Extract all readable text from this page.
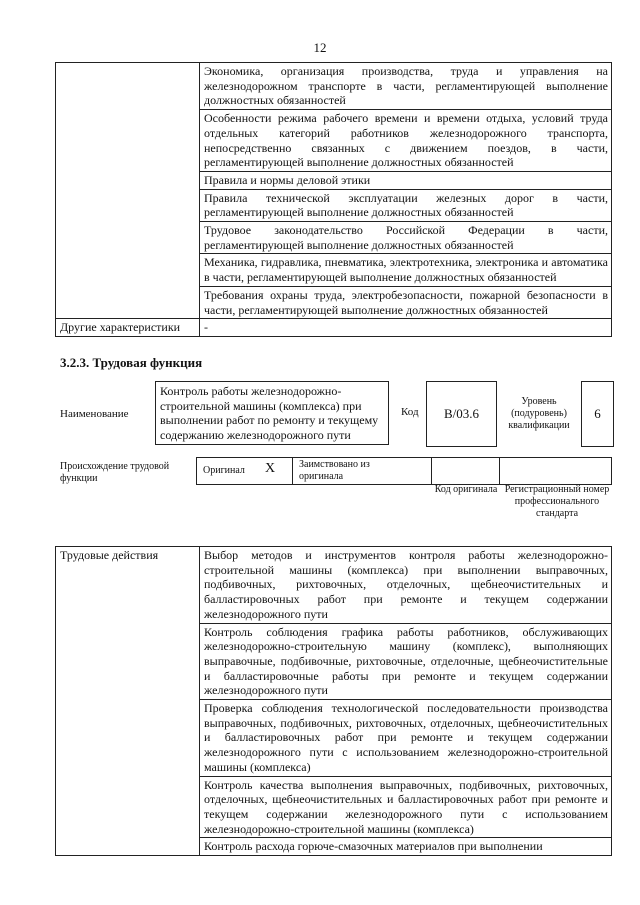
12
	Экономика, организация производства, труда и управления на железнодорожном транспорте в части, регламентирующей выполнение должностных обязанностей
	Особенности режима рабочего времени и времени отдыха, условий труда отдельных категорий работников железнодорожного транспорта, непосредственно связанных с движением поездов, в части, регламентирующей выполнение должностных обязанностей
	Правила и нормы деловой этики
	Правила технической эксплуатации железных дорог в части, регламентирующей выполнение должностных обязанностей
	Трудовое законодательство Российской Федерации в части, регламентирующей выполнение должностных обязанностей
	Механика, гидравлика, пневматика, электротехника, электроника и автоматика в части, регламентирующей выполнение должностных обязанностей
	Требования охраны труда, электробезопасности, пожарной безопасности в части, регламентирующей выполнение должностных обязанностей
Другие характеристики	-
3.2.3. Трудовая функция
Наименование
Контроль работы железнодорожно-строительной машины (комплекса) при выполнении работ по ремонту и текущему содержанию железнодорожного пути
Код	B/03.6
Уровень (подуровень) квалификации
6
Происхождение трудовой функции
Оригинал X Заимствовано из оригинала
Код оригинала Регистрационный номер профессионального стандарта
Трудовые действия	Выбор методов и инструментов контроля работы железнодорожно-строительной машины (комплекса) при выполнении выправочных, подбивочных, рихтовочных, отделочных, щебнеочистительных и балластировочных работ при ремонте и текущем содержании железнодорожного пути
Контроль соблюдения графика работы работников, обслуживающих железнодорожно-строительную машину (комплекс), выполняющих выправочные, подбивочные, рихтовочные, отделочные, щебнеочистительные и балластировочные работы при ремонте и текущем содержании железнодорожного пути
Проверка соблюдения технологической последовательности производства выправочных, подбивочных, рихтовочных, отделочных, щебнеочистительных и балластировочных работ при ремонте и текущем содержании железнодорожного пути с использованием железнодорожно-строительной машины (комплекса)
Контроль качества выполнения выправочных, подбивочных, рихтовочных, отделочных, щебнеочистительных и балластировочных работ при ремонте и текущем содержании железнодорожного пути с использованием железнодорожно-строительной машины (комплекса)
Контроль расхода горюче-смазочных материалов при выполнении
